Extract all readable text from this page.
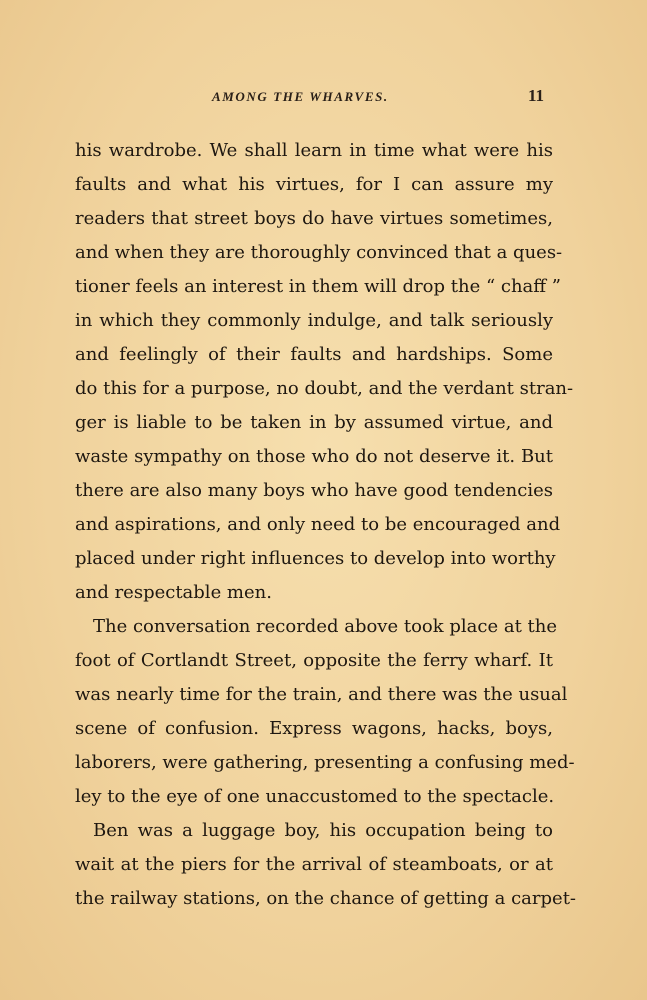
AMONG THE WHARVES.	11
his wardrobe. We shall learn in time what were his
faults and what his virtues, for I can assure my
readers that street boys do have virtues sometimes,
and when they are thoroughly convinced that a ques-
tioner feels an interest in them will drop the “ chaff ”
in which they commonly indulge, and talk seriously
and feelingly of their faults and hardships. Some
do this for a purpose, no doubt, and the verdant stran-
ger is liable to be taken in by assumed virtue, and
waste sympathy on those who do not deserve it. But
there are also many boys who have good tendencies
and aspirations, and only need to be encouraged and
placed under right influences to develop into worthy
and respectable men.
The conversation recorded above took place at the
foot of Cortlandt Street, opposite the ferry wharf. It
was nearly time for the train, and there was the usual
scene of confusion. Express wagons, hacks, boys,
laborers, were gathering, presenting a confusing med-
ley to the eye of one unaccustomed to the spectacle.
Ben was a luggage boy, his occupation being to
wait at the piers for the arrival of steamboats, or at
the railway stations, on the chance of getting a carpet-
